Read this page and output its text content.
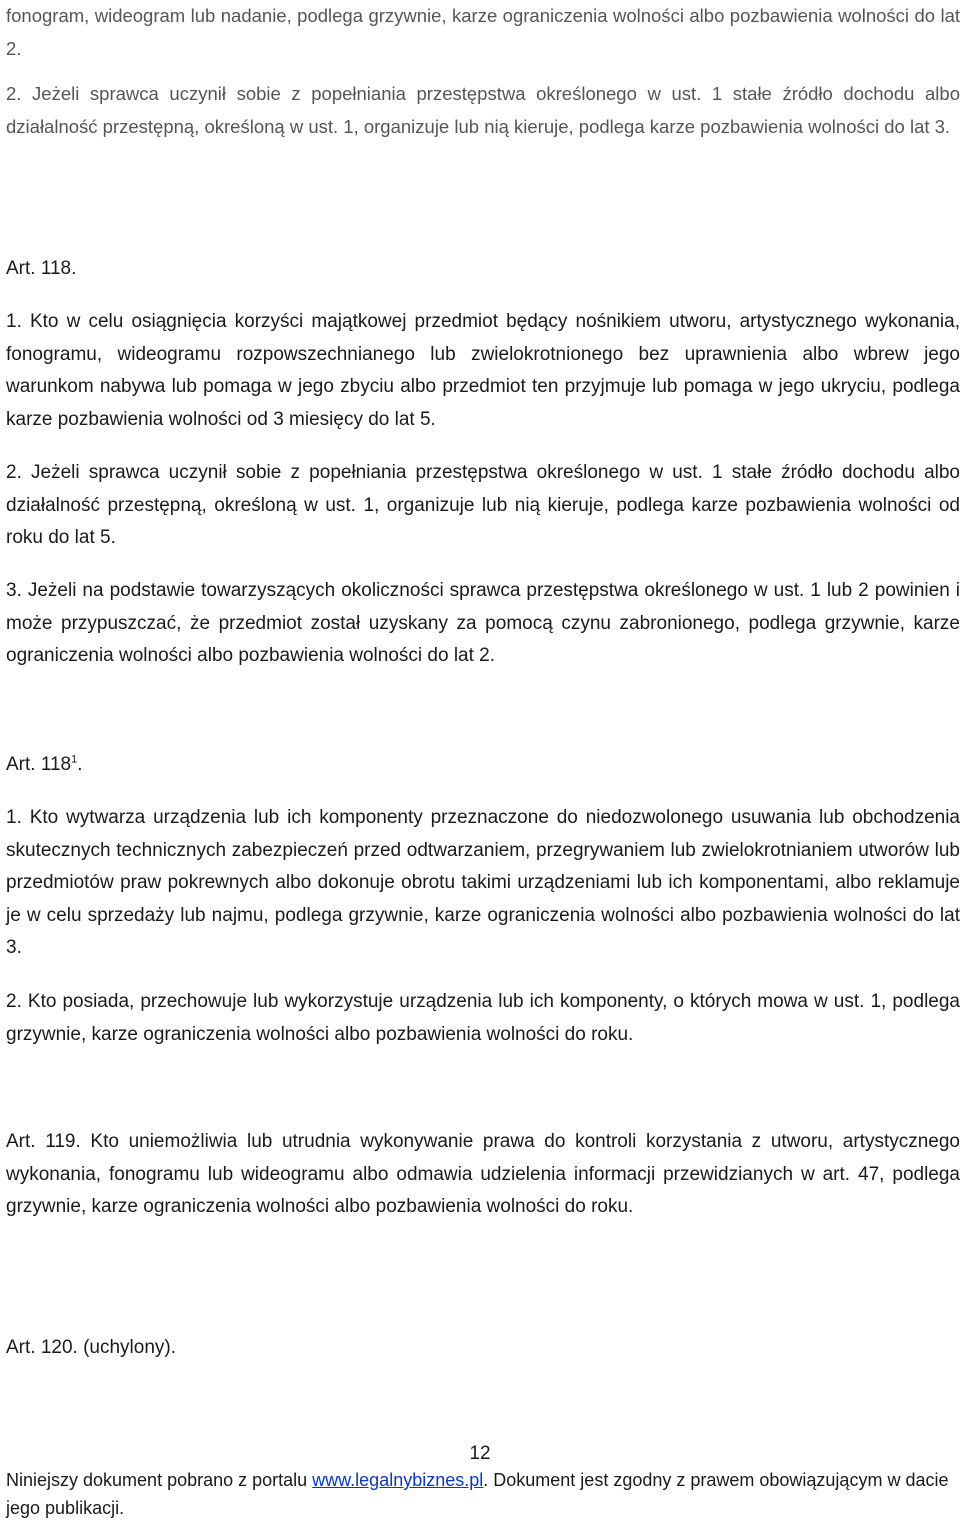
fonogram, wideogram lub nadanie, podlega grzywnie, karze ograniczenia wolności albo pozbawienia wolności do lat 2.

2. Jeżeli sprawca uczynił sobie z popełniania przestępstwa określonego w ust. 1 stałe źródło dochodu albo działalność przestępną, określoną w ust. 1, organizuje lub nią kieruje, podlega karze pozbawienia wolności do lat 3.

Art. 118.

1. Kto w celu osiągnięcia korzyści majątkowej przedmiot będący nośnikiem utworu, artystycznego wykonania, fonogramu, wideogramu rozpowszechnianego lub zwielokrotnionego bez uprawnienia albo wbrew jego warunkom nabywa lub pomaga w jego zbyciu albo przedmiot ten przyjmuje lub pomaga w jego ukryciu, podlega karze pozbawienia wolności od 3 miesięcy do lat 5.

2. Jeżeli sprawca uczynił sobie z popełniania przestępstwa określonego w ust. 1 stałe źródło dochodu albo działalność przestępną, określoną w ust. 1, organizuje lub nią kieruje, podlega karze pozbawienia wolności od roku do lat 5.

3. Jeżeli na podstawie towarzyszących okoliczności sprawca przestępstwa określonego w ust. 1 lub 2 powinien i może przypuszczać, że przedmiot został uzyskany za pomocą czynu zabronionego, podlega grzywnie, karze ograniczenia wolności albo pozbawienia wolności do lat 2.

Art. $118^1$.

1. Kto wytwarza urządzenia lub ich komponenty przeznaczone do niedozwolonego usuwania lub obchodzenia skutecznych technicznych zabezpieczeń przed odtwarzaniem, przegrywaniem lub zwielokrotnianiem utworów lub przedmiotów praw pokrewnych albo dokonuje obrotu takimi urządzeniami lub ich komponentami, albo reklamuje je w celu sprzedaży lub najmu, podlega grzywnie, karze ograniczenia wolności albo pozbawienia wolności do lat 3.

2. Kto posiada, przechowuje lub wykorzystuje urządzenia lub ich komponenty, o których mowa w ust. 1, podlega grzywnie, karze ograniczenia wolności albo pozbawienia wolności do roku.

Art. 119. Kto uniemożliwia lub utrudnia wykonywanie prawa do kontroli korzystania z utworu, artystycznego wykonania, fonogramu lub wideogramu albo odmawia udzielenia informacji przewidzianych w art. 47, podlega grzywnie, karze ograniczenia wolności albo pozbawienia wolności do roku.

Art. 120. (uchylony).

12

Niniejszy dokument pobrano z portalu www.legalnybiznes.pl. Dokument jest zgodny z prawem obowiązującym w dacie jego publikacji.
